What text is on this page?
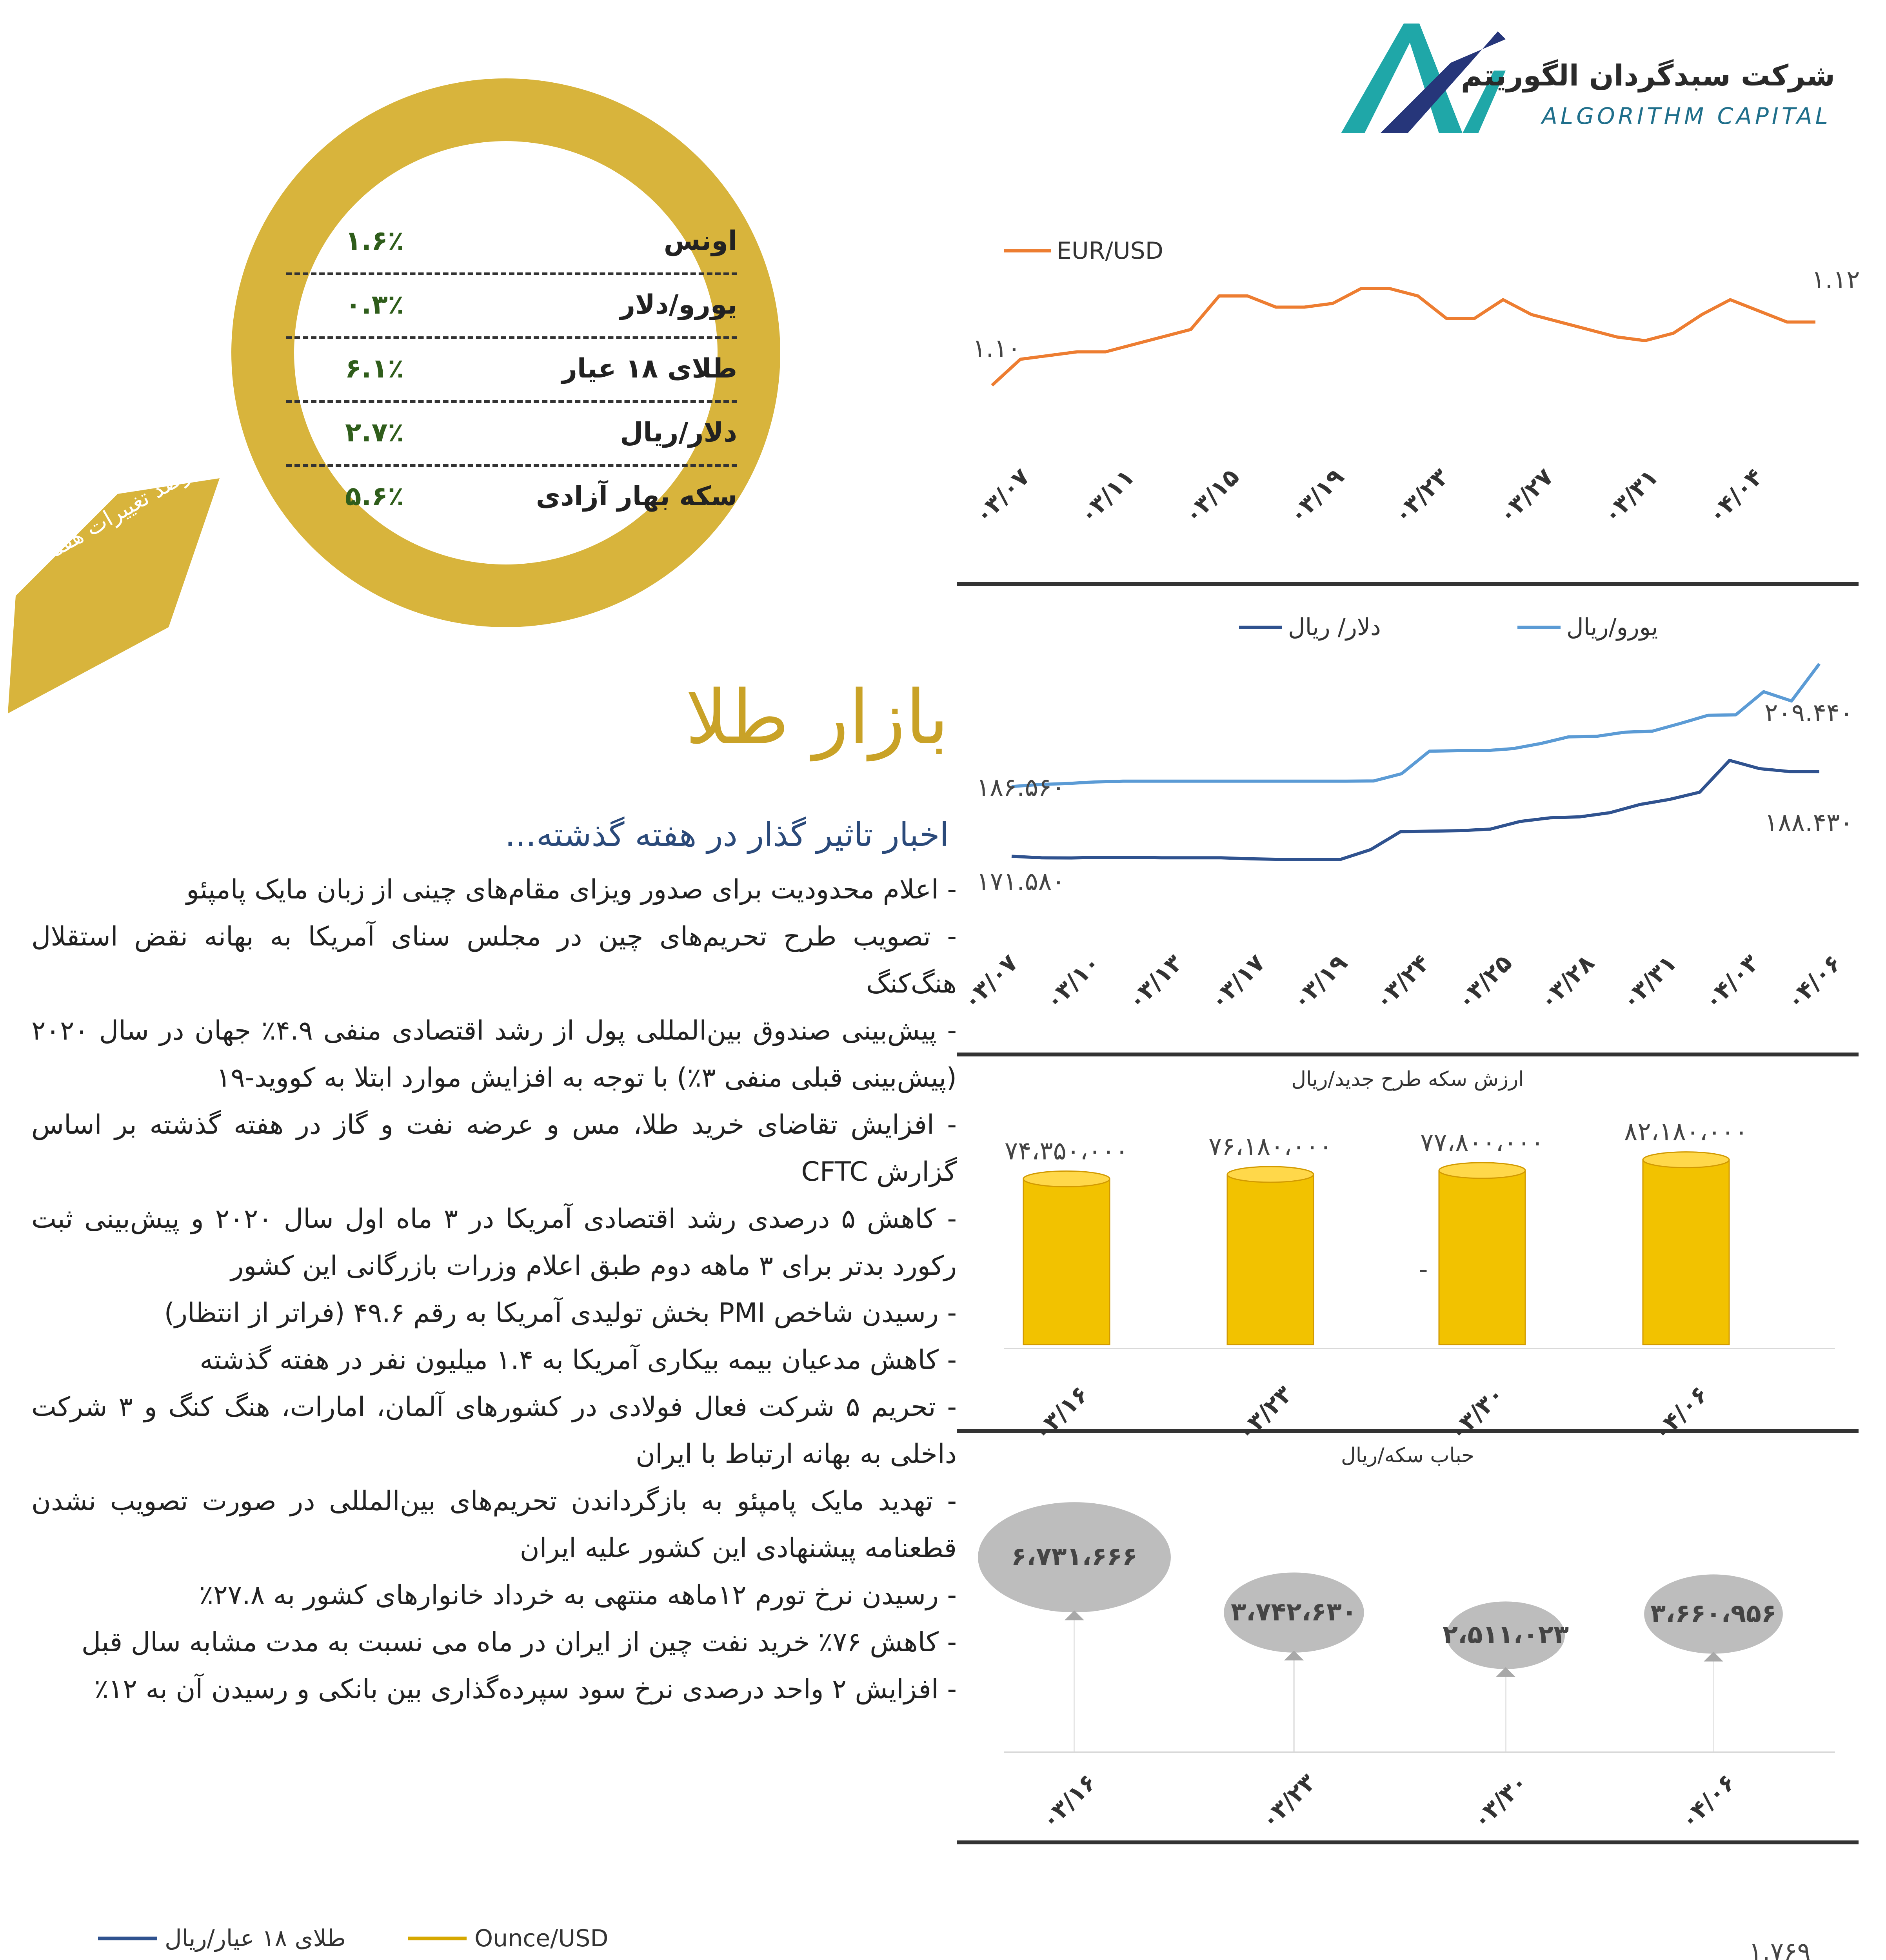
شرکت سبدگردان الگوریتم
ALGORITHM CAPITAL
درصد تغییرات هفتگی
اونس
۱.۶٪
یورو/دلار
۰.۳٪
طلای ۱۸ عیار
۶.۱٪
دلار/ریال
۲.۷٪
سکه بهار آزادی
۵.۶٪
بازار طلا
اخبار تاثیر گذار در هفته گذشته...
- اعلام محدودیت برای صدور ویزای مقام‌های چینی از زبان مایک پامپئو
- تصویب طرح تحریم‌های چین در مجلس سنای آمریکا به بهانه نقض استقلال هنگ‌کنگ
- پیش‌بینی صندوق بین‌المللی پول از رشد اقتصادی منفی ۴.۹٪ جهان در سال ۲۰۲۰ (پیش‌بینی قبلی منفی ۳٪) با توجه به افزایش موارد ابتلا به کووید-۱۹
- افزایش تقاضای خرید طلا، مس و عرضه نفت و گاز در هفته گذشته بر اساس گزارش CFTC
- کاهش ۵ درصدی رشد اقتصادی آمریکا در ۳ ماه اول سال ۲۰۲۰ و پیش‌بینی ثبت رکورد بدتر برای ۳ ماهه دوم طبق اعلام وزرات بازرگانی این کشور
- رسیدن شاخص PMI بخش تولیدی آمریکا به رقم ۴۹.۶ (فراتر از انتظار)
- کاهش مدعیان بیمه بیکاری آمریکا به ۱.۴ میلیون نفر در هفته گذشته
- تحریم ۵ شرکت فعال فولادی در کشورهای آلمان، امارات، هنگ کنگ و ۳ شرکت داخلی به بهانه ارتباط با ایران
- تهدید مایک پامپئو به بازگرداندن تحریم‌های بین‌المللی در صورت تصویب نشدن قطعنامه پیشنهادی این کشور علیه ایران
- رسیدن نرخ تورم ۱۲ماهه منتهی به خرداد خانوارهای کشور به ۲۷.۸٪
- کاهش ۷۶٪ خرید نفت چین از ایران در ماه می نسبت به مدت مشابه سال قبل
- افزایش ۲ واحد درصدی نرخ سود سپرده‌گذاری بین بانکی و رسیدن آن به ۱۲٪
EUR/USD
۱.۱۰
۱.۱۲
۰۳/۰۷ ۰۳/۱۱ ۰۳/۱۵ ۰۳/۱۹ ۰۳/۲۳ ۰۳/۲۷ ۰۳/۳۱ ۰۴/۰۴
یورو/ریال
دلار/ ریال
۱۸۶.۵۶۰
۲۰۹.۴۴۰
۱۷۱.۵۸۰
۱۸۸.۴۳۰
۰۳/۰۷ ۰۳/۱۰ ۰۳/۱۳ ۰۳/۱۷ ۰۳/۱۹ ۰۳/۲۴ ۰۳/۲۵ ۰۳/۲۸ ۰۳/۳۱ ۰۴/۰۳ ۰۴/۰۶
ارزش سکه طرح جدید/ریال
۷۴،۳۵۰،۰۰۰
۰۳/۱۶
۷۶،۱۸۰،۰۰۰
۰۳/۲۳
۷۷،۸۰۰،۰۰۰
۰۳/۳۰
۸۲،۱۸۰،۰۰۰
۰۴/۰۶
-
حباب سکه/ریال
۶،۷۳۱،۶۶۶
۰۳/۱۶
۳،۷۴۲،۶۳۰
۰۳/۲۳
۲،۵۱۱،۰۲۳
۰۳/۳۰
۳،۶۶۰،۹۵۶
۰۴/۰۶
طلای ۱۸ عیار/ریال	Ounce/USD	۱.۷۶۹
